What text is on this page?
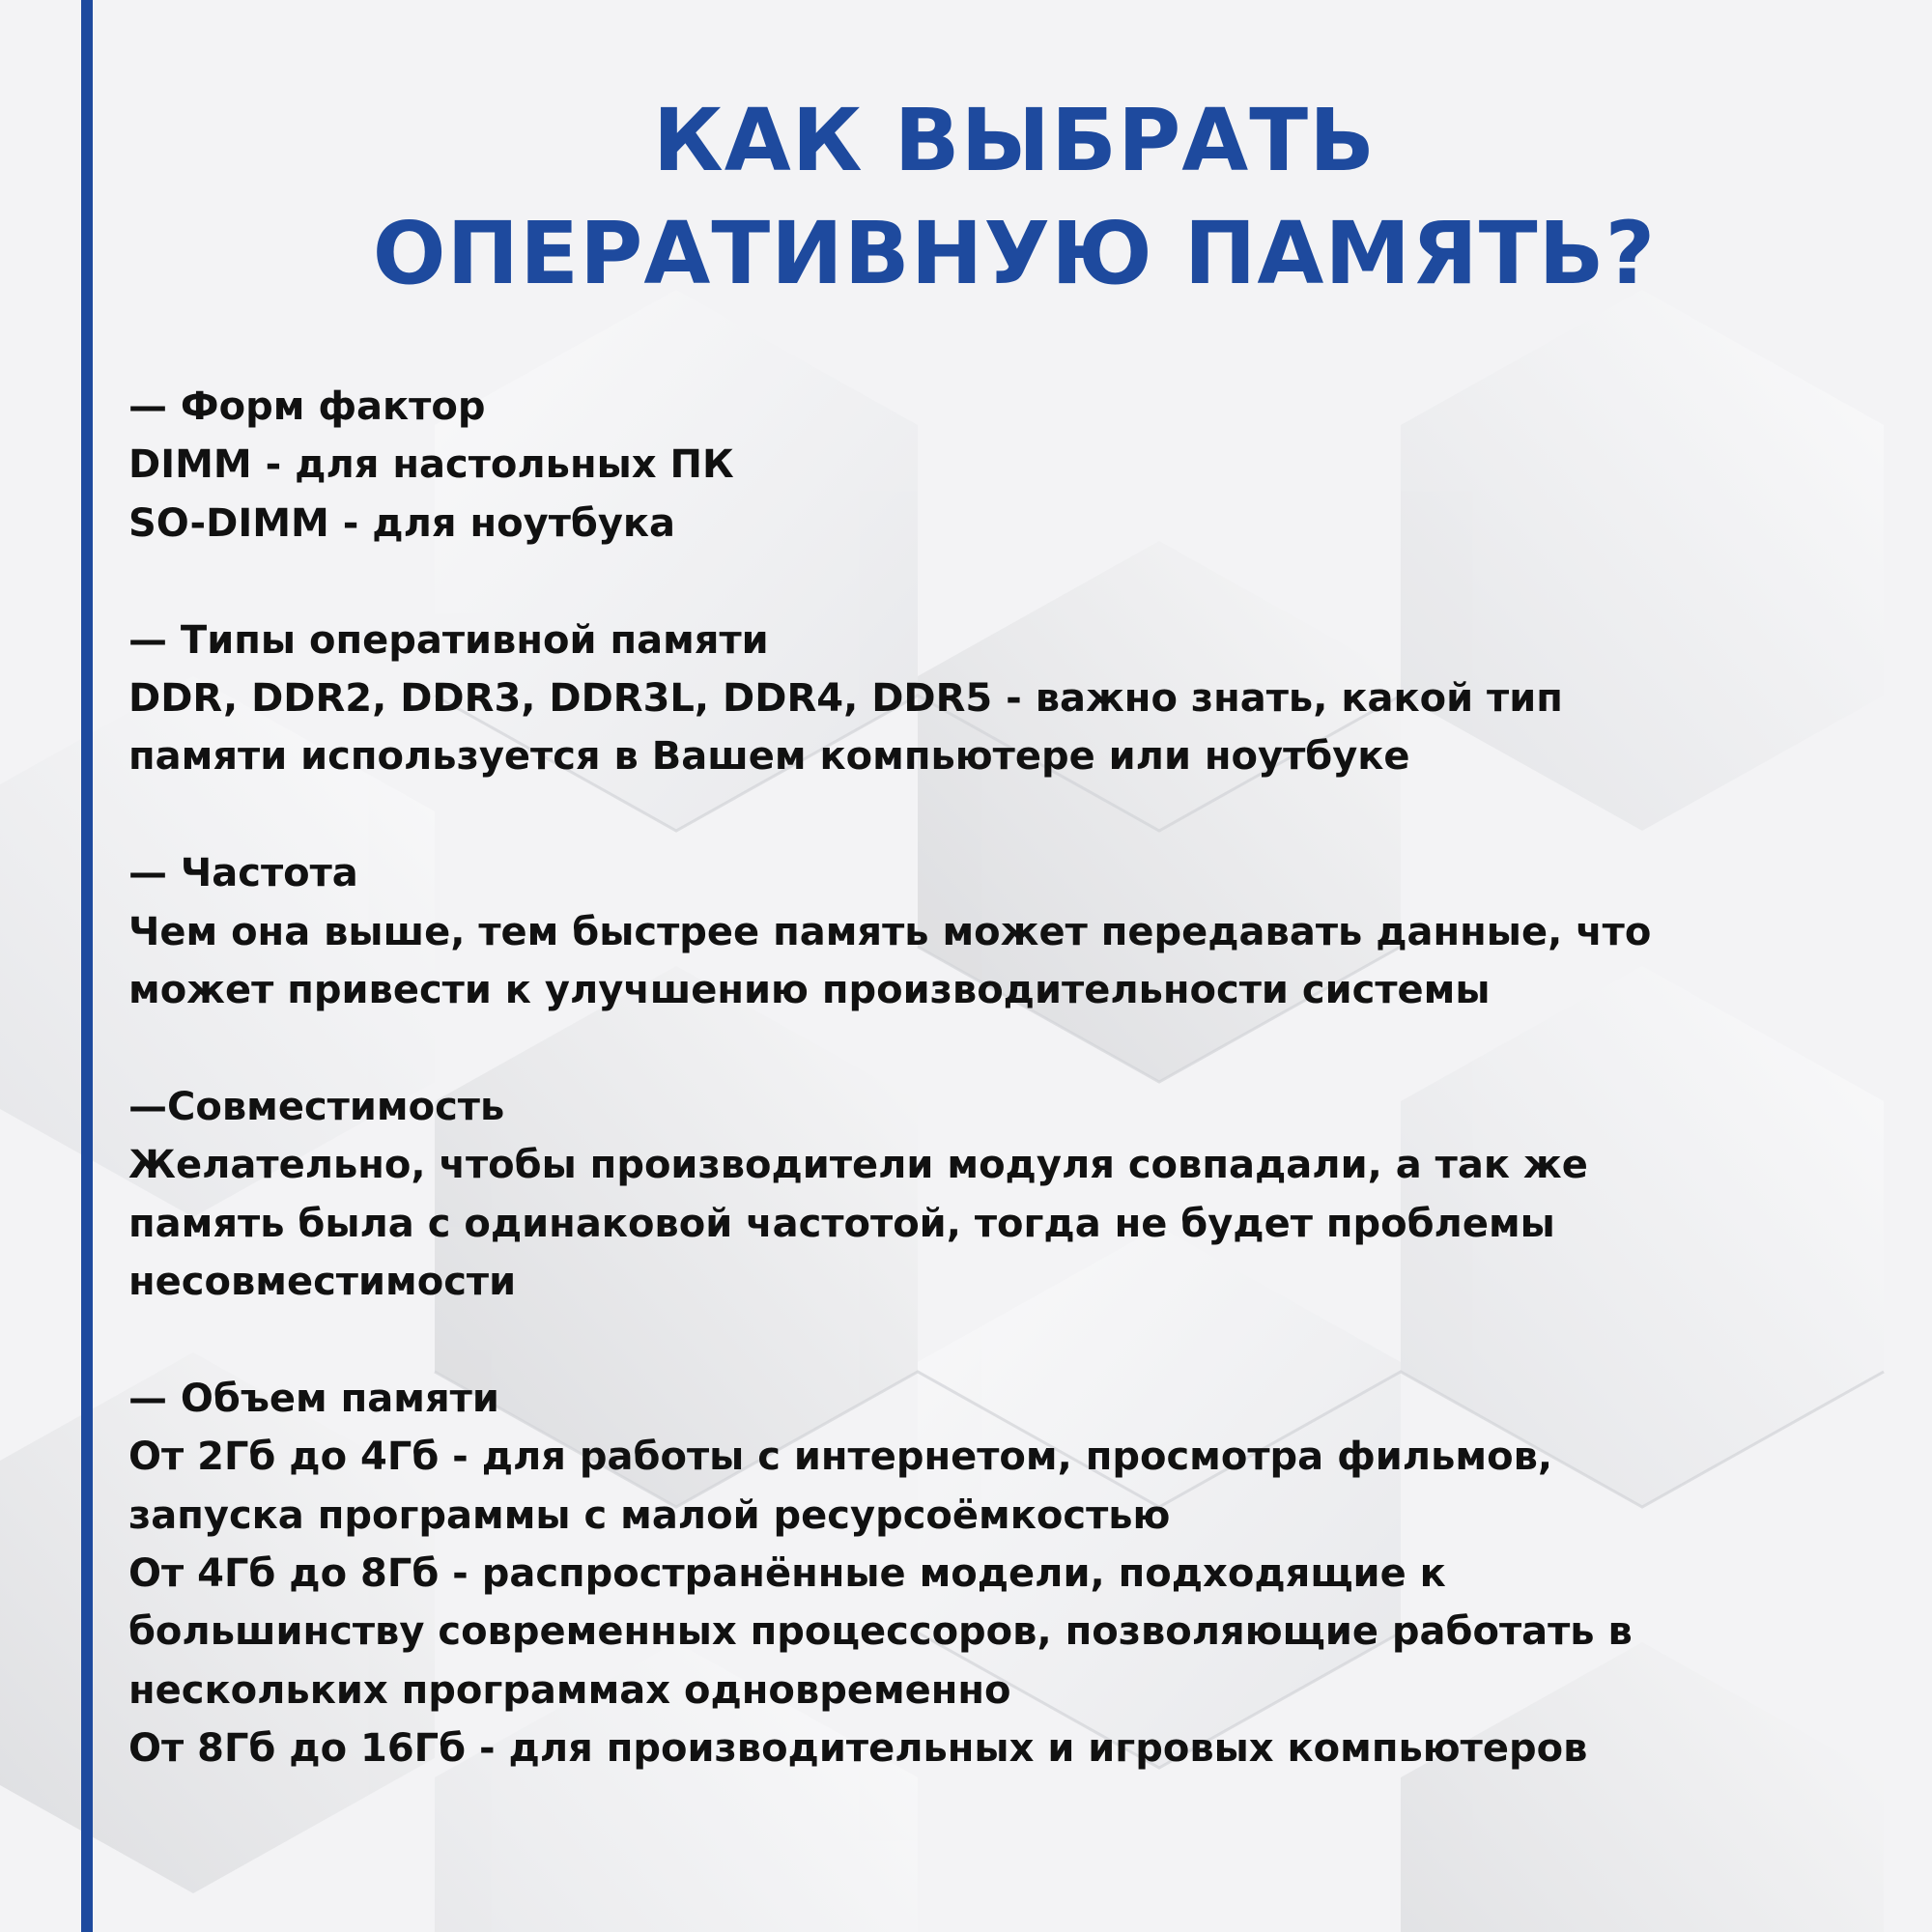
КАК ВЫБРАТЬ
ОПЕРАТИВНУЮ ПАМЯТЬ?
— Форм фактор
DIMM - для настольных ПК
SO-DIMM - для ноутбука
— Типы оперативной памяти
DDR, DDR2, DDR3, DDR3L, DDR4, DDR5 - важно знать, какой тип
памяти используется в Вашем компьютере или ноутбуке
— Частота
Чем она выше, тем быстрее память может передавать данные, что
может привести к улучшению производительности системы
—Совместимость
Желательно, чтобы производители модуля совпадали, а так же
память была с одинаковой частотой, тогда не будет проблемы
несовместимости
— Объем памяти
От 2Гб до 4Гб - для работы с интернетом, просмотра фильмов,
запуска программы с малой ресурсоёмкостью
От 4Гб до 8Гб - распространённые модели, подходящие к
большинству современных процессоров, позволяющие работать в
нескольких программах одновременно
От 8Гб до 16Гб - для производительных и игровых компьютеров
